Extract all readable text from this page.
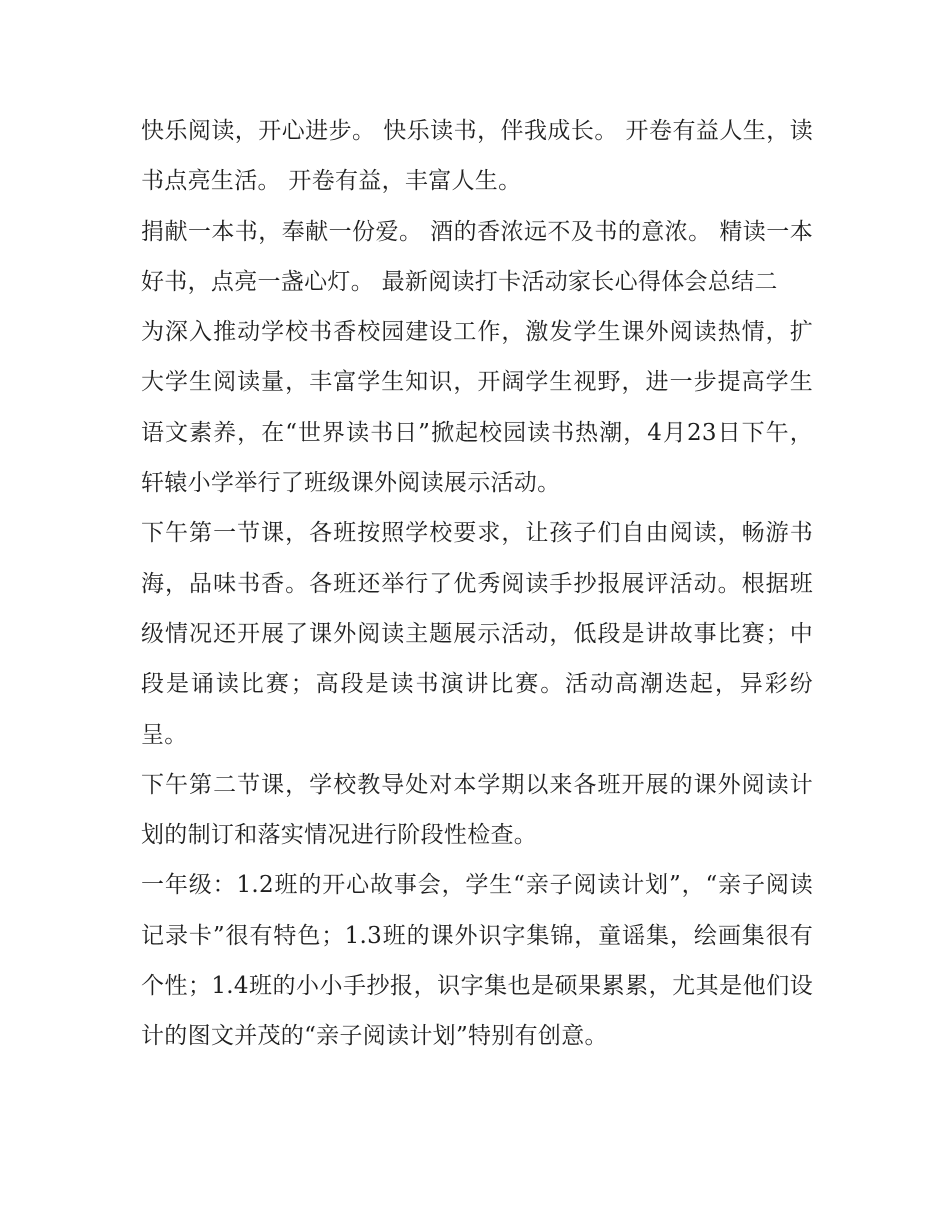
快乐阅读，开心进步。 快乐读书，伴我成长。 开卷有益人生，读书点亮生活。 开卷有益，丰富人生。

捐献一本书，奉献一份爱。 酒的香浓远不及书的意浓。 精读一本好书，点亮一盏心灯。 最新阅读打卡活动家长心得体会总结二

为深入推动学校书香校园建设工作，激发学生课外阅读热情，扩大学生阅读量，丰富学生知识，开阔学生视野，进一步提高学生语文素养，在“世界读书日”掀起校园读书热潮，4月23日下午，轩辕小学举行了班级课外阅读展示活动。

下午第一节课，各班按照学校要求，让孩子们自由阅读，畅游书海，品味书香。各班还举行了优秀阅读手抄报展评活动。根据班级情况还开展了课外阅读主题展示活动，低段是讲故事比赛；中段是诵读比赛；高段是读书演讲比赛。活动高潮迭起，异彩纷呈。

下午第二节课，学校教导处对本学期以来各班开展的课外阅读计划的制订和落实情况进行阶段性检查。

一年级：1.2班的开心故事会，学生“亲子阅读计划”，“亲子阅读记录卡”很有特色；1.3班的课外识字集锦，童谣集，绘画集很有个性；1.4班的小小手抄报，识字集也是硕果累累，尤其是他们设计的图文并茂的“亲子阅读计划”特别有创意。
